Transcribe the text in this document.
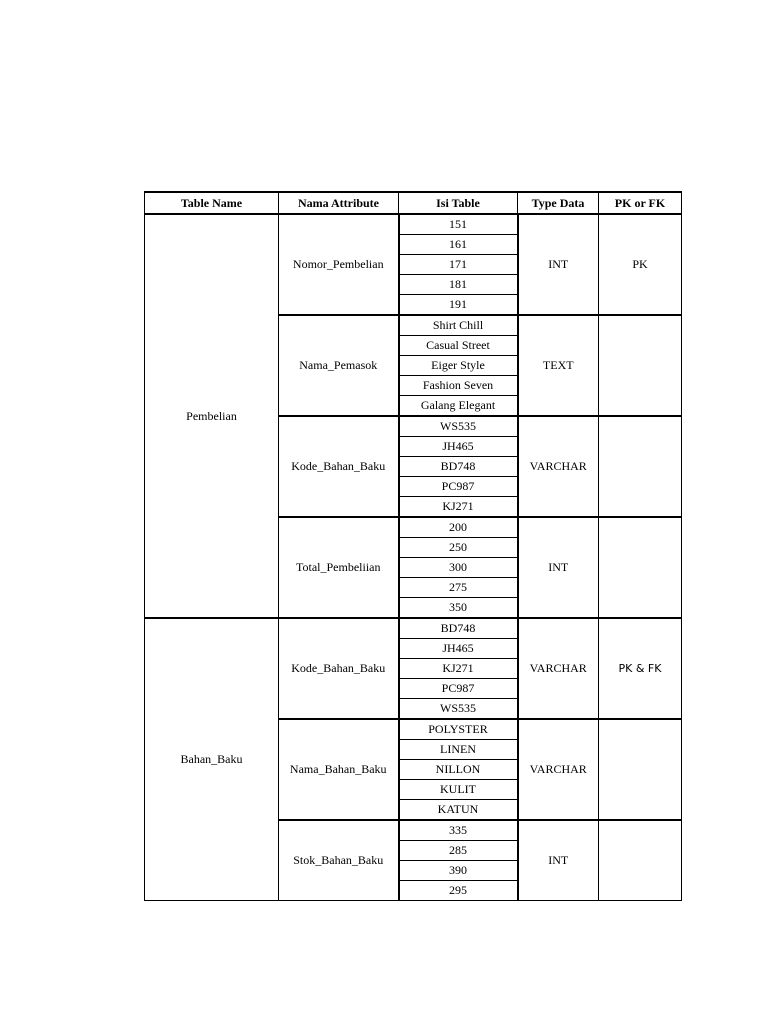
Table Name	Nama Attribute	Isi Table	Type Data	PK or FK
Pembelian	Nomor_Pembelian	151	INT	PK
		161		
		171		
		181		
		191		
	Nama_Pemasok	Shirt Chill	TEXT	
		Casual Street		
		Eiger Style		
		Fashion Seven		
		Galang Elegant		
	Kode_Bahan_Baku	WS535	VARCHAR	
		JH465		
		BD748		
		PC987		
		KJ271		
	Total_Pembeliian	200	INT	
		250		
		300		
		275		
		350		
Bahan_Baku	Kode_Bahan_Baku	BD748	VARCHAR	PK & FK
		JH465		
		KJ271		
		PC987		
		WS535		
	Nama_Bahan_Baku	POLYSTER	VARCHAR	
		LINEN		
		NILLON		
		KULIT		
		KATUN		
	Stok_Bahan_Baku	335	INT	
		285		
		390		
		295		
